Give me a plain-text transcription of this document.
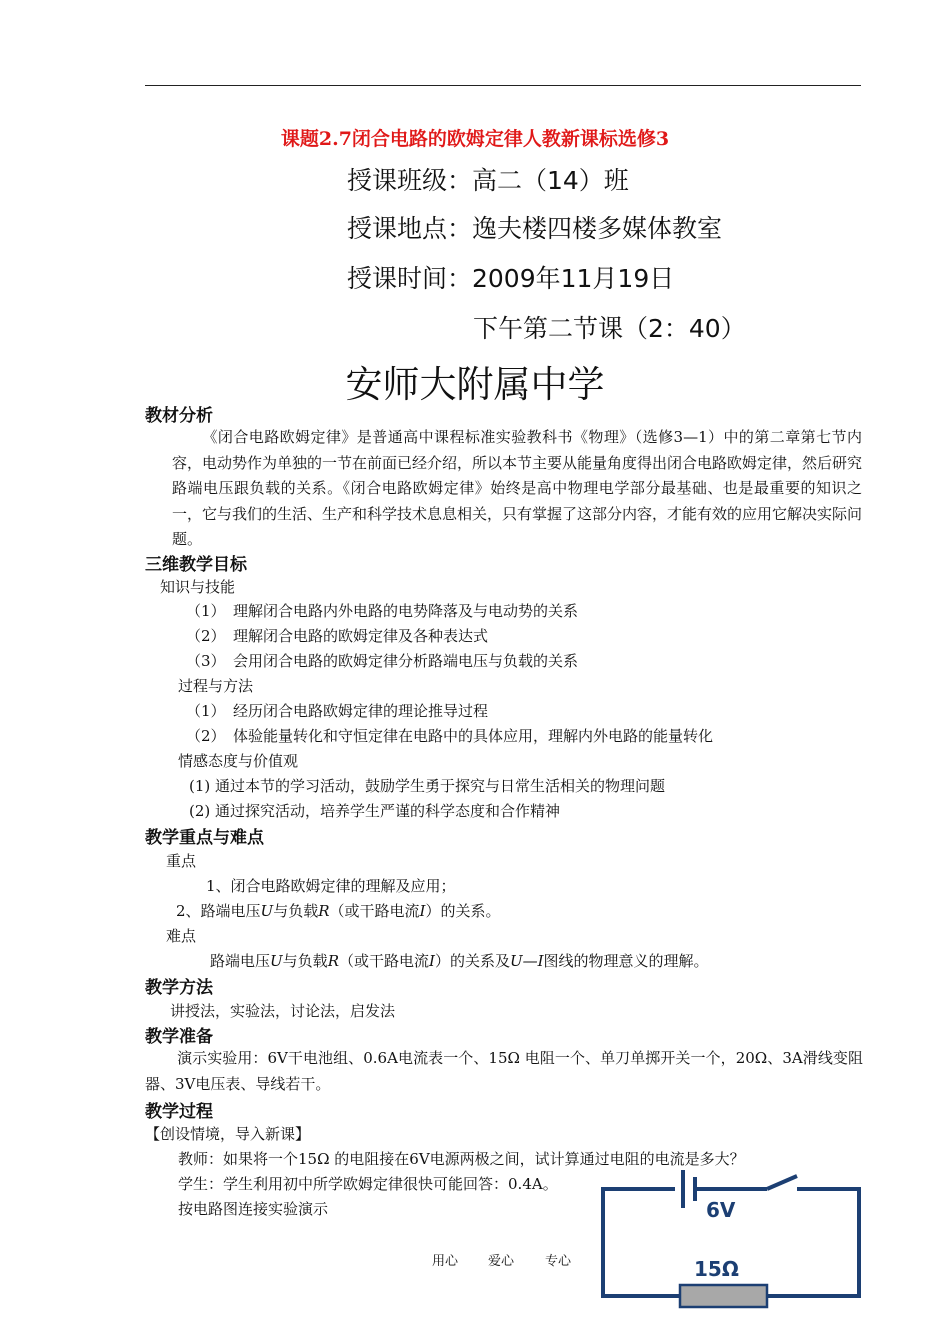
课题2.7闭合电路的欧姆定律人教新课标选修3
授课班级：高二（14）班
授课地点：逸夫楼四楼多媒体教室
授课时间：2009年11月19日
下午第二节课（2：40）
安师大附属中学
教材分析
《闭合电路欧姆定律》是普通高中课程标准实验教科书《物理》（选修3—1）中的第二章第七节内容，电动势作为单独的一节在前面已经介绍，所以本节主要从能量角度得出闭合电路欧姆定律，然后研究路端电压跟负载的关系。《闭合电路欧姆定律》始终是高中物理电学部分最基础、也是最重要的知识之一，它与我们的生活、生产和科学技术息息相关，只有掌握了这部分内容，才能有效的应用它解决实际问题。
三维教学目标
知识与技能
（1）　理解闭合电路内外电路的电势降落及与电动势的关系
（2）　理解闭合电路的欧姆定律及各种表达式
（3）　会用闭合电路的欧姆定律分析路端电压与负载的关系
过程与方法
（1）　经历闭合电路欧姆定律的理论推导过程
（2）　体验能量转化和守恒定律在电路中的具体应用，理解内外电路的能量转化
情感态度与价值观
(1) 通过本节的学习活动，鼓励学生勇于探究与日常生活相关的物理问题
(2) 通过探究活动，培养学生严谨的科学态度和合作精神
教学重点与难点
重点
1、闭合电路欧姆定律的理解及应用；
2、路端电压U与负载R（或干路电流I）的关系。
难点
路端电压U与负载R（或干路电流I）的关系及U—I图线的物理意义的理解。
教学方法
讲授法，实验法，讨论法，启发法
教学准备
演示实验用：6V干电池组、0.6A电流表一个、15Ω 电阻一个、单刀单掷开关一个，20Ω、3A滑线变阻器、3V电压表、导线若干。
教学过程
【创设情境，导入新课】
教师：如果将一个15Ω 的电阻接在6V电源两极之间，试计算通过电阻的电流是多大？
学生：学生利用初中所学欧姆定律很快可能回答：0.4A。
按电路图连接实验演示	6V
15Ω
用心 爱心 专心
